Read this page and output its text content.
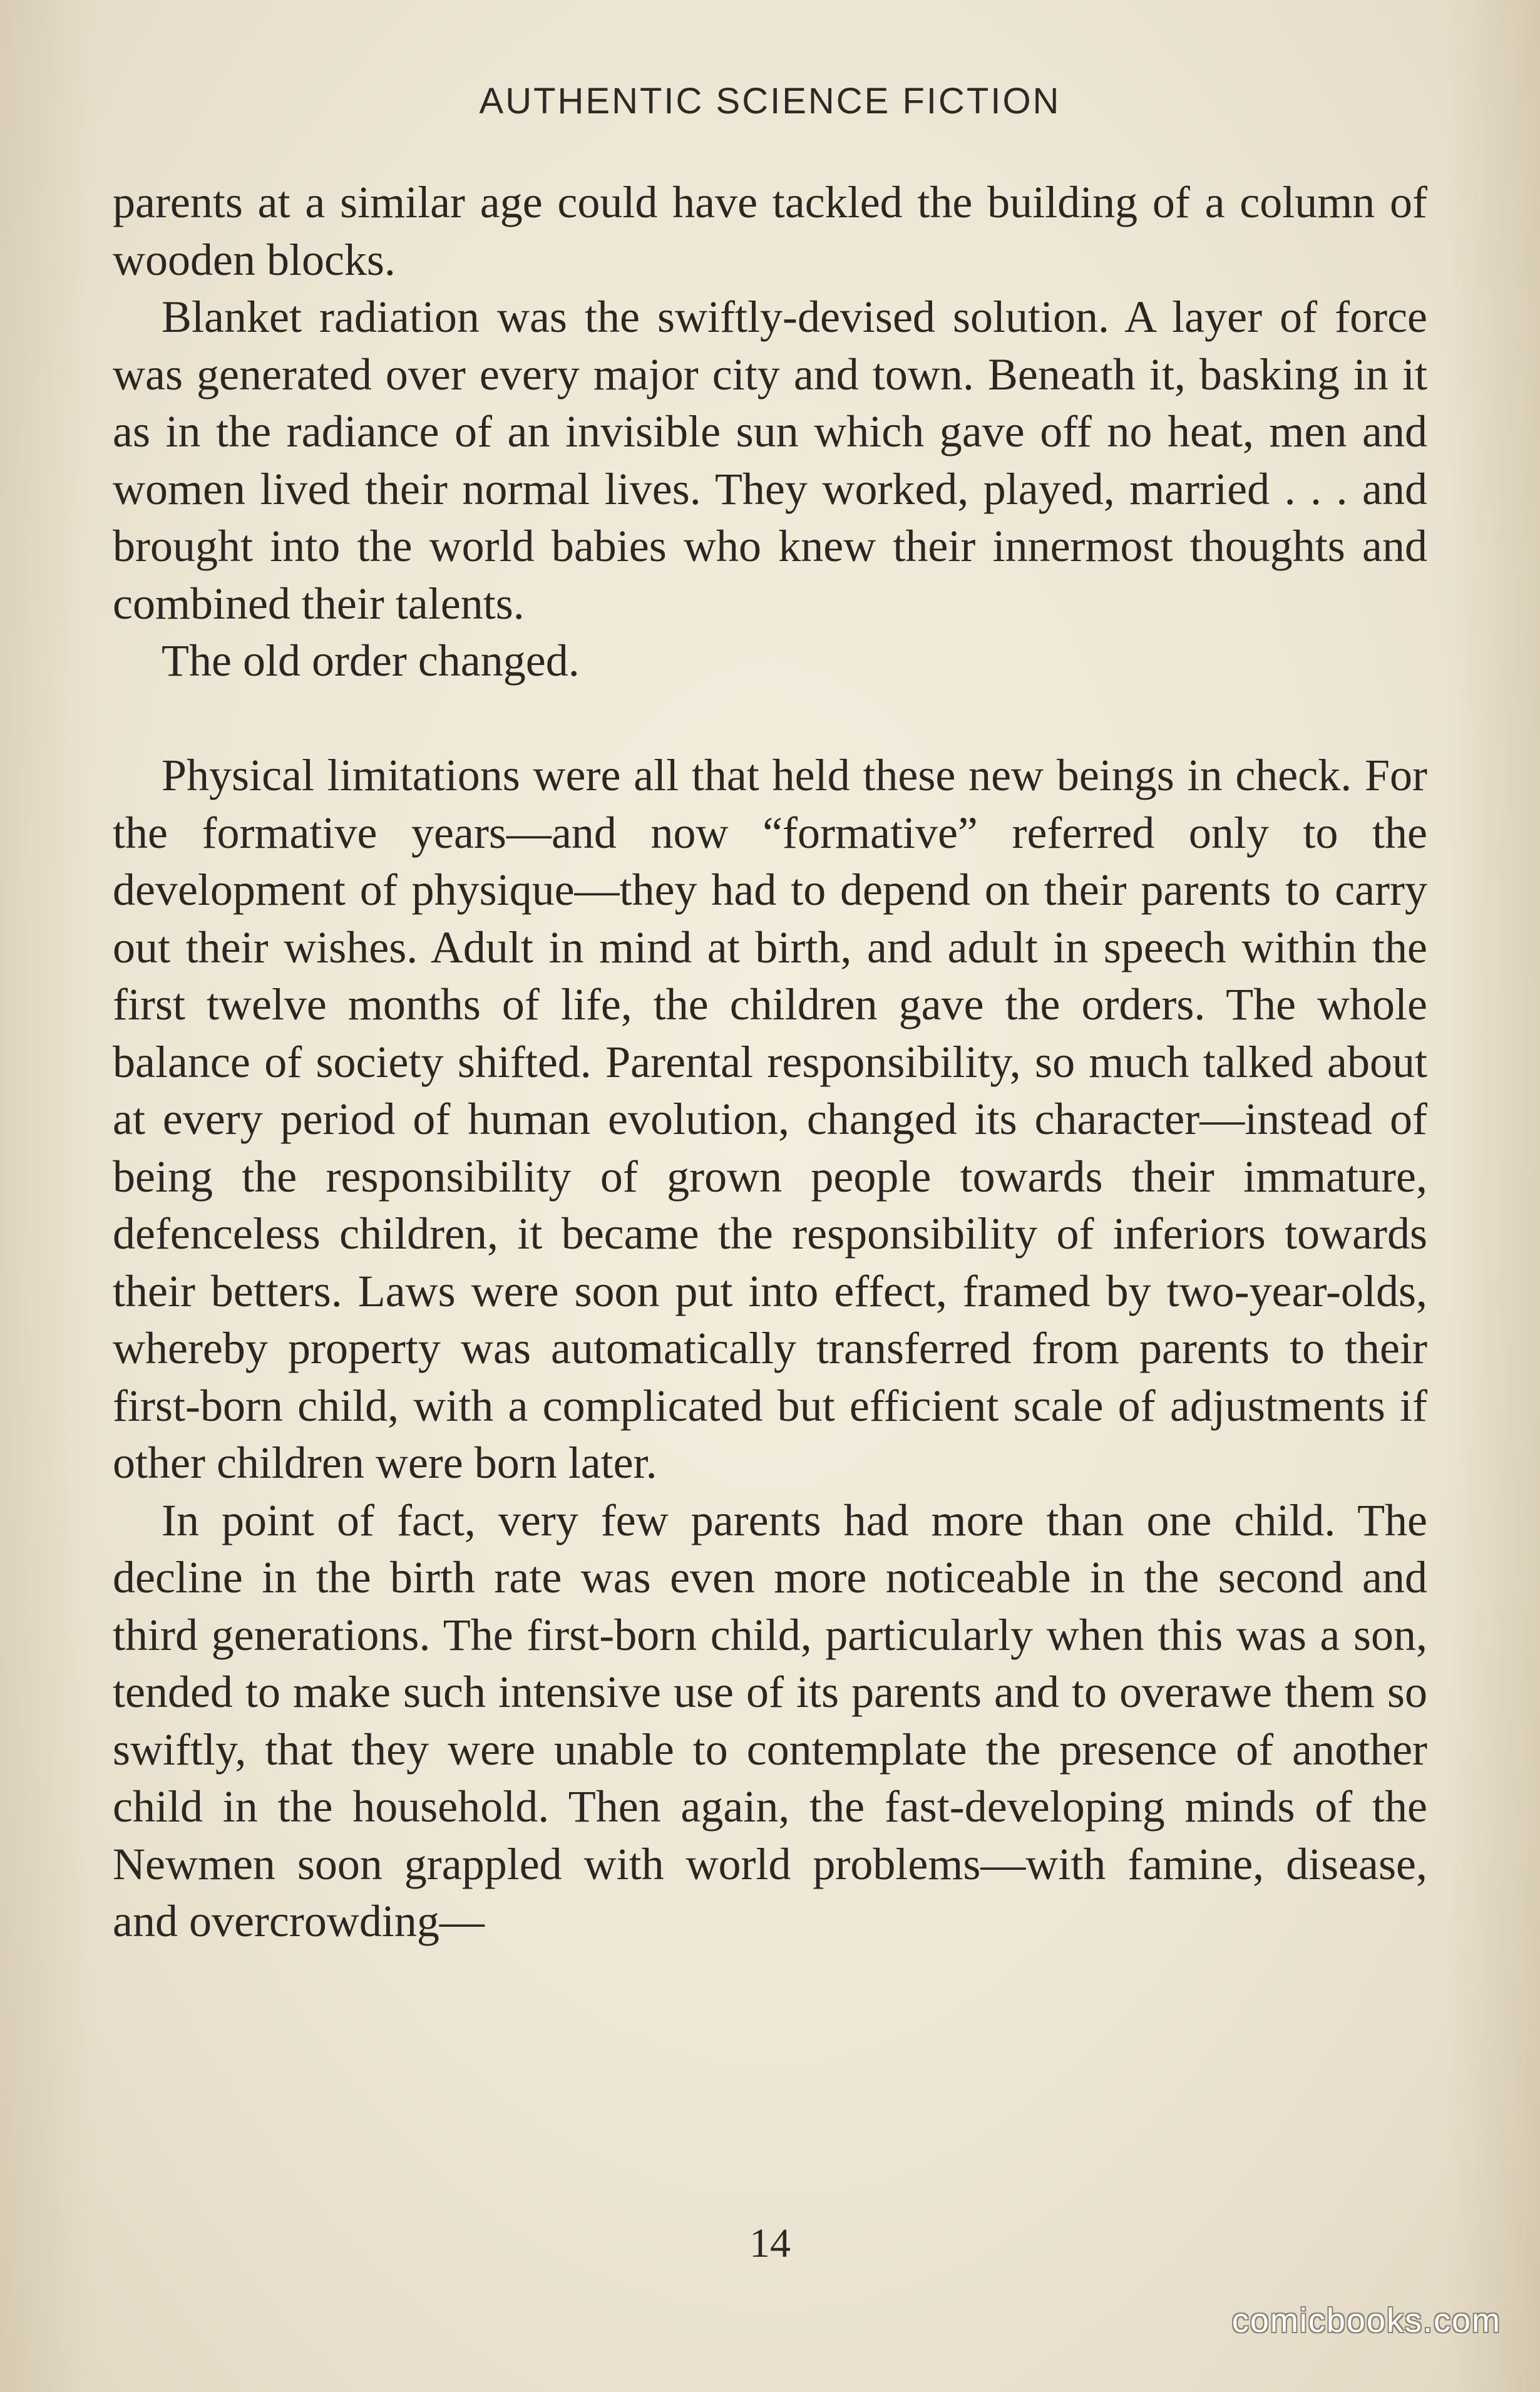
AUTHENTIC SCIENCE FICTION

parents at a similar age could have tackled the building of a column of wooden blocks.

Blanket radiation was the swiftly-devised solution. A layer of force was generated over every major city and town. Beneath it, basking in it as in the radiance of an invisible sun which gave off no heat, men and women lived their normal lives. They worked, played, married . . . and brought into the world babies who knew their innermost thoughts and combined their talents.

The old order changed.

Physical limitations were all that held these new beings in check. For the formative years—and now “formative” referred only to the development of physique—they had to depend on their parents to carry out their wishes. Adult in mind at birth, and adult in speech within the first twelve months of life, the children gave the orders. The whole balance of society shifted. Parental responsibility, so much talked about at every period of human evolution, changed its character—instead of being the responsibility of grown people towards their immature, defenceless children, it became the responsibility of inferiors towards their betters. Laws were soon put into effect, framed by two-year-olds, whereby property was automatically transferred from parents to their first-born child, with a complicated but efficient scale of adjustments if other children were born later.

In point of fact, very few parents had more than one child. The decline in the birth rate was even more noticeable in the second and third generations. The first-born child, particularly when this was a son, tended to make such intensive use of its parents and to overawe them so swiftly, that they were unable to contemplate the presence of another child in the household. Then again, the fast-developing minds of the Newmen soon grappled with world problems—with famine, disease, and overcrowding—

14
comicbooks.com
